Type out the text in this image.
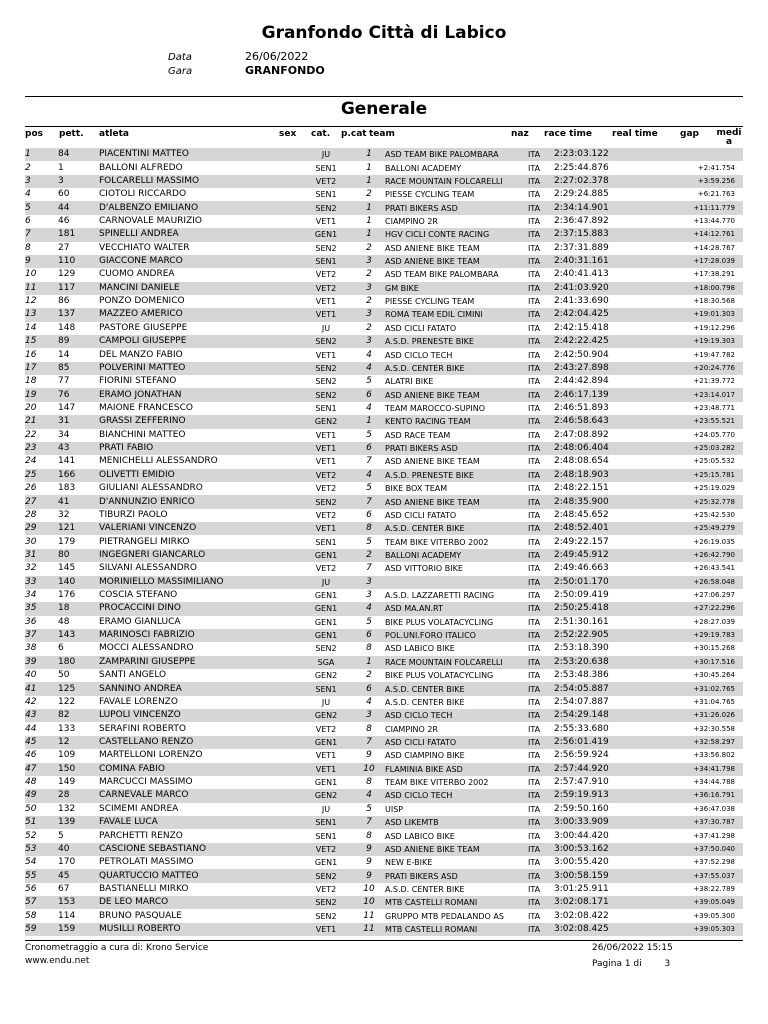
Granfondo Città di Labico
Data	26/06/2022
Gara	GRANFONDO
Generale
pos pett. atleta	sex cat. p.cat team	naz race time real time gap medi a
1	84	PIACENTINI MATTEO	JU	1	ASD TEAM BIKE PALOMBARA	ITA	2:23:03.122			
2	1	BALLONI ALFREDO	SEN1	1	BALLONI ACADEMY	ITA	2:25:44.876		+2:41.754	
3	3	FOLCARELLI MASSIMO	VET2	1	RACE MOUNTAIN FOLCARELLI	ITA	2:27:02.378		+3:59.256	
4	60	CIOTOLI RICCARDO	SEN1	2	PIESSE CYCLING TEAM	ITA	2:29:24.885		+6:21.763	
5	44	D'ALBENZO EMILIANO	SEN2	1	PRATI BIKERS ASD	ITA	2:34:14.901		+11:11.779	
6	46	CARNOVALE MAURIZIO	VET1	1	CIAMPINO 2R	ITA	2:36:47.892		+13:44.770	
7	181	SPINELLI ANDREA	GEN1	1	HGV CICLI CONTE RACING	ITA	2:37:15.883		+14:12.761	
8	27	VECCHIATO WALTER	SEN2	2	ASD ANIENE BIKE TEAM	ITA	2:37:31.889		+14:28.767	
9	110	GIACCONE MARCO	SEN1	3	ASD ANIENE BIKE TEAM	ITA	2:40:31.161		+17:28.039	
10	129	CUOMO ANDREA	VET2	2	ASD TEAM BIKE PALOMBARA	ITA	2:40:41.413		+17:38.291	
11	117	MANCINI DANIELE	VET2	3	GM BIKE	ITA	2:41:03.920		+18:00.798	
12	86	PONZO DOMENICO	VET1	2	PIESSE CYCLING TEAM	ITA	2:41:33.690		+18:30.568	
13	137	MAZZEO AMERICO	VET1	3	ROMA TEAM EDIL CIMINI	ITA	2:42:04.425		+19:01.303	
14	148	PASTORE GIUSEPPE	JU	2	ASD CICLI FATATO	ITA	2:42:15.418		+19:12.296	
15	89	CAMPOLI GIUSEPPE	SEN2	3	A.S.D. PRENESTE BIKE	ITA	2:42:22.425		+19:19.303	
16	14	DEL MANZO FABIO	VET1	4	ASD CICLO TECH	ITA	2:42:50.904		+19:47.782	
17	85	POLVERINI MATTEO	SEN2	4	A.S.D. CENTER BIKE	ITA	2:43:27.898		+20:24.776	
18	77	FIORINI STEFANO	SEN2	5	ALATRI BIKE	ITA	2:44:42.894		+21:39.772	
19	76	ERAMO JONATHAN	SEN2	6	ASD ANIENE BIKE TEAM	ITA	2:46:17.139		+23:14.017	
20	147	MAIONE FRANCESCO	SEN1	4	TEAM MAROCCO-SUPINO	ITA	2:46:51.893		+23:48.771	
21	31	GRASSI ZEFFERINO	GEN2	1	KENTO RACING TEAM	ITA	2:46:58.643		+23:55.521	
22	34	BIANCHINI MATTEO	VET1	5	ASD RACE TEAM	ITA	2:47:08.892		+24:05.770	
23	43	PRATI FABIO	VET1	6	PRATI BIKERS ASD	ITA	2:48:06.404		+25:03.282	
24	141	MENICHELLI ALESSANDRO	VET1	7	ASD ANIENE BIKE TEAM	ITA	2:48:08.654		+25:05.532	
25	166	OLIVETTI EMIDIO	VET2	4	A.S.D. PRENESTE BIKE	ITA	2:48:18.903		+25:15.781	
26	183	GIULIANI ALESSANDRO	VET2	5	BIKE BOX TEAM	ITA	2:48:22.151		+25:19.029	
27	41	D'ANNUNZIO ENRICO	SEN2	7	ASD ANIENE BIKE TEAM	ITA	2:48:35.900		+25:32.778	
28	32	TIBURZI PAOLO	VET2	6	ASD CICLI FATATO	ITA	2:48:45.652		+25:42.530	
29	121	VALERIANI VINCENZO	VET1	8	A.S.D. CENTER BIKE	ITA	2:48:52.401		+25:49.279	
30	179	PIETRANGELI MIRKO	SEN1	5	TEAM BIKE VITERBO 2002	ITA	2:49:22.157		+26:19.035	
31	80	INGEGNERI GIANCARLO	GEN1	2	BALLONI ACADEMY	ITA	2:49:45.912		+26:42.790	
32	145	SILVANI ALESSANDRO	VET2	7	ASD VITTORIO BIKE	ITA	2:49:46.663		+26:43.541	
33	140	MORINIELLO MASSIMILIANO	JU	3		ITA	2:50:01.170		+26:58.048	
34	176	COSCIA STEFANO	GEN1	3	A.S.D. LAZZARETTI RACING	ITA	2:50:09.419		+27:06.297	
35	18	PROCACCINI DINO	GEN1	4	ASD MA.AN.RT	ITA	2:50:25.418		+27:22.296	
36	48	ERAMO GIANLUCA	GEN1	5	BIKE PLUS VOLATACYCLING	ITA	2:51:30.161		+28:27.039	
37	143	MARINOSCI FABRIZIO	GEN1	6	POL.UNI.FORO ITALICO	ITA	2:52:22.905		+29:19.783	
38	6	MOCCI ALESSANDRO	SEN2	8	ASD LABICO BIKE	ITA	2:53:18.390		+30:15.268	
39	180	ZAMPARINI GIUSEPPE	SGA	1	RACE MOUNTAIN FOLCARELLI	ITA	2:53:20.638		+30:17.516	
40	50	SANTI ANGELO	GEN2	2	BIKE PLUS VOLATACYCLING	ITA	2:53:48.386		+30:45.264	
41	125	SANNINO ANDREA	SEN1	6	A.S.D. CENTER BIKE	ITA	2:54:05.887		+31:02.765	
42	122	FAVALE LORENZO	JU	4	A.S.D. CENTER BIKE	ITA	2:54:07.887		+31:04.765	
43	82	LUPOLI VINCENZO	GEN2	3	ASD CICLO TECH	ITA	2:54:29.148		+31:26.026	
44	133	SERAFINI ROBERTO	VET2	8	CIAMPINO 2R	ITA	2:55:33.680		+32:30.558	
45	12	CASTELLANO RENZO	GEN1	7	ASD CICLI FATATO	ITA	2:56:01.419		+32:58.297	
46	109	MARTELLONI LORENZO	VET1	9	ASD CIAMPINO BIKE	ITA	2:56:59.924		+33:56.802	
47	150	COMINA FABIO	VET1	10	FLAMINIA BIKE ASD	ITA	2:57:44.920		+34:41.798	
48	149	MARCUCCI MASSIMO	GEN1	8	TEAM BIKE VITERBO 2002	ITA	2:57:47.910		+34:44.788	
49	28	CARNEVALE MARCO	GEN2	4	ASD CICLO TECH	ITA	2:59:19.913		+36:16.791	
50	132	SCIMEMI ANDREA	JU	5	UISP	ITA	2:59:50.160		+36:47.038	
51	139	FAVALE LUCA	SEN1	7	ASD LIKEMTB	ITA	3:00:33.909		+37:30.787	
52	5	PARCHETTI RENZO	SEN1	8	ASD LABICO BIKE	ITA	3:00:44.420		+37:41.298	
53	40	CASCIONE SEBASTIANO	VET2	9	ASD ANIENE BIKE TEAM	ITA	3:00:53.162		+37:50.040	
54	170	PETROLATI MASSIMO	GEN1	9	NEW E-BIKE	ITA	3:00:55.420		+37:52.298	
55	45	QUARTUCCIO MATTEO	SEN2	9	PRATI BIKERS ASD	ITA	3:00:58.159		+37:55.037	
56	67	BASTIANELLI MIRKO	VET2	10	A.S.D. CENTER BIKE	ITA	3:01:25.911		+38:22.789	
57	153	DE LEO MARCO	SEN2	10	MTB CASTELLI ROMANI	ITA	3:02:08.171		+39:05.049	
58	114	BRUNO PASQUALE	SEN2	11	GRUPPO MTB PEDALANDO AS	ITA	3:02:08.422		+39:05.300	
59	159	MUSILLI ROBERTO	VET1	11	MTB CASTELLI ROMANI	ITA	3:02:08.425		+39:05.303	
Cronometraggio a cura di: Krono Service
www.endu.net
26/06/2022 15:15
Pagina 1 di	3
